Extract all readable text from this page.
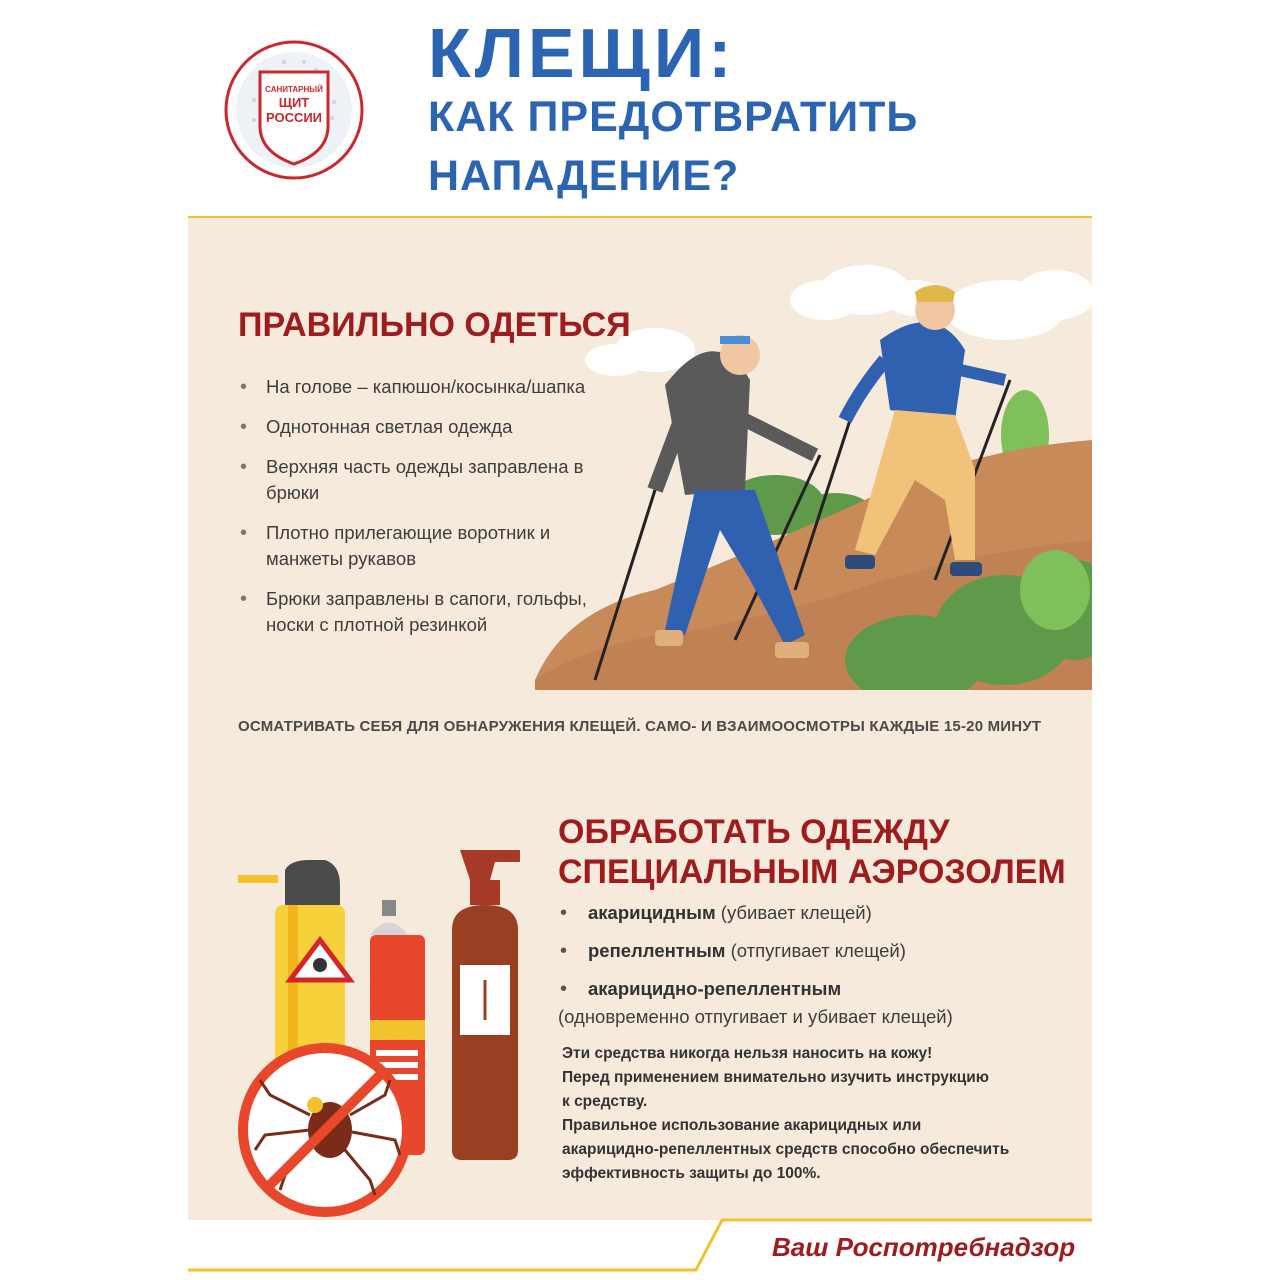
САНИТАРНЫЙ
ЩИТ
РОССИИ
КЛЕЩИ:
КАК ПРЕДОТВРАТИТЬ
НАПАДЕНИЕ?
ПРАВИЛЬНО ОДЕТЬСЯ
• На голове – капюшон/косынка/шапка
• Однотонная светлая одежда
• Верхняя часть одежды заправлена в брюки
• Плотно прилегающие воротник и манжеты рукавов
• Брюки заправлены в сапоги, гольфы, носки с плотной резинкой
ОСМАТРИВАТЬ СЕБЯ ДЛЯ ОБНАРУЖЕНИЯ КЛЕЩЕЙ. САМО- И ВЗАИМООСМОТРЫ КАЖДЫЕ 15-20 МИНУТ
ОБРАБОТАТЬ ОДЕЖДУ
СПЕЦИАЛЬНЫМ АЭРОЗОЛЕМ
• акарицидным (убивает клещей)
• репеллентным (отпугивает клещей)
• акарицидно-репеллентным
(одновременно отпугивает и убивает клещей)
Эти средства никогда нельзя наносить на кожу!
Перед применением внимательно изучить инструкцию
к средству.
Правильное использование акарицидных или
акарицидно-репеллентных средств способно обеспечить
эффективность защиты до 100%.
Ваш Роспотребнадзор
